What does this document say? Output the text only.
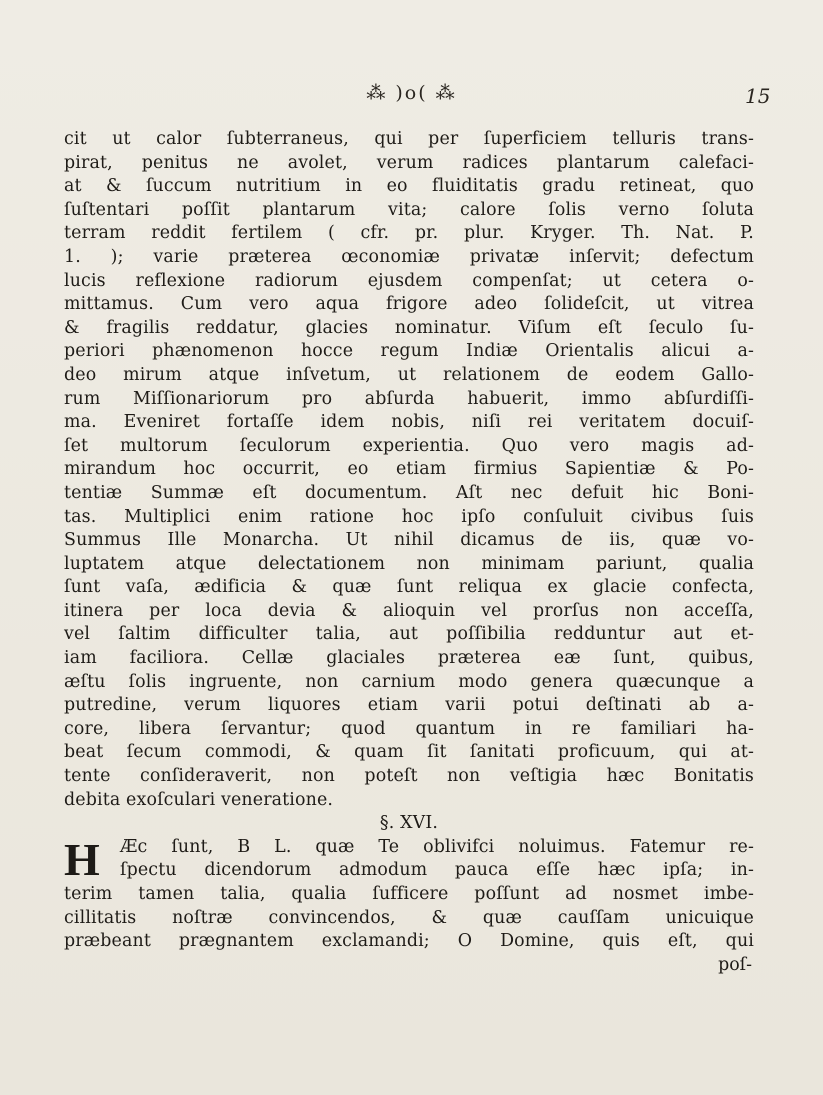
⁂ )o( ⁂	15
cit ut calor ſubterraneus, qui per ſuperficiem telluris trans-
pirat, penitus ne avolet, verum radices plantarum calefaci-
at & ſuccum nutritium in eo fluiditatis gradu retineat, quo
ſuſtentari poſſit plantarum vita; calore ſolis verno ſoluta
terram reddit fertilem ( cfr. pr. plur. Kryger. Th. Nat. P.
1. ); varie præterea œconomiæ privatæ inſervit; defectum
lucis reflexione radiorum ejusdem compenſat; ut cetera o-
mittamus. Cum vero aqua frigore adeo ſolideſcit, ut vitrea
& fragilis reddatur, glacies nominatur. Viſum eſt ſeculo ſu-
periori phænomenon hocce regum Indiæ Orientalis alicui a-
deo mirum atque inſvetum, ut relationem de eodem Gallo-
rum Miſſionariorum pro abſurda habuerit, immo abſurdiſſi-
ma. Eveniret fortaſſe idem nobis, niſi rei veritatem docuiſ-
ſet multorum ſeculorum experientia. Quo vero magis ad-
mirandum hoc occurrit, eo etiam firmius Sapientiæ & Po-
tentiæ Summæ eſt documentum. Aſt nec defuit hic Boni-
tas. Multiplici enim ratione hoc ipſo conſuluit civibus ſuis
Summus Ille Monarcha. Ut nihil dicamus de iis, quæ vo-
luptatem atque delectationem non minimam pariunt, qualia
ſunt vaſa, ædificia & quæ ſunt reliqua ex glacie confecta,
itinera per loca devia & alioquin vel prorſus non acceſſa,
vel ſaltim difficulter talia, aut poſſibilia redduntur aut et-
iam faciliora. Cellæ glaciales præterea eæ ſunt, quibus,
æſtu ſolis ingruente, non carnium modo genera quæcunque a
putredine, verum liquores etiam varii potui deſtinati ab a-
core, libera ſervantur; quod quantum in re familiari ha-
beat ſecum commodi, & quam ſit ſanitati proficuum, qui at-
tente conſideraverit, non poteſt non veſtigia hæc Bonitatis
debita exoſculari veneratione.
§. XVI.
H	Æc ſunt, B L. quæ Te oblivifci noluimus. Fatemur re-
ſpectu dicendorum admodum pauca eſſe hæc ipſa; in-
terim tamen talia, qualia ſufficere poſſunt ad nosmet imbe-
cillitatis noſtræ convincendos, & quæ cauſſam unicuique
præbeant prægnantem exclamandi; O Domine, quis eſt, qui
poſ-
